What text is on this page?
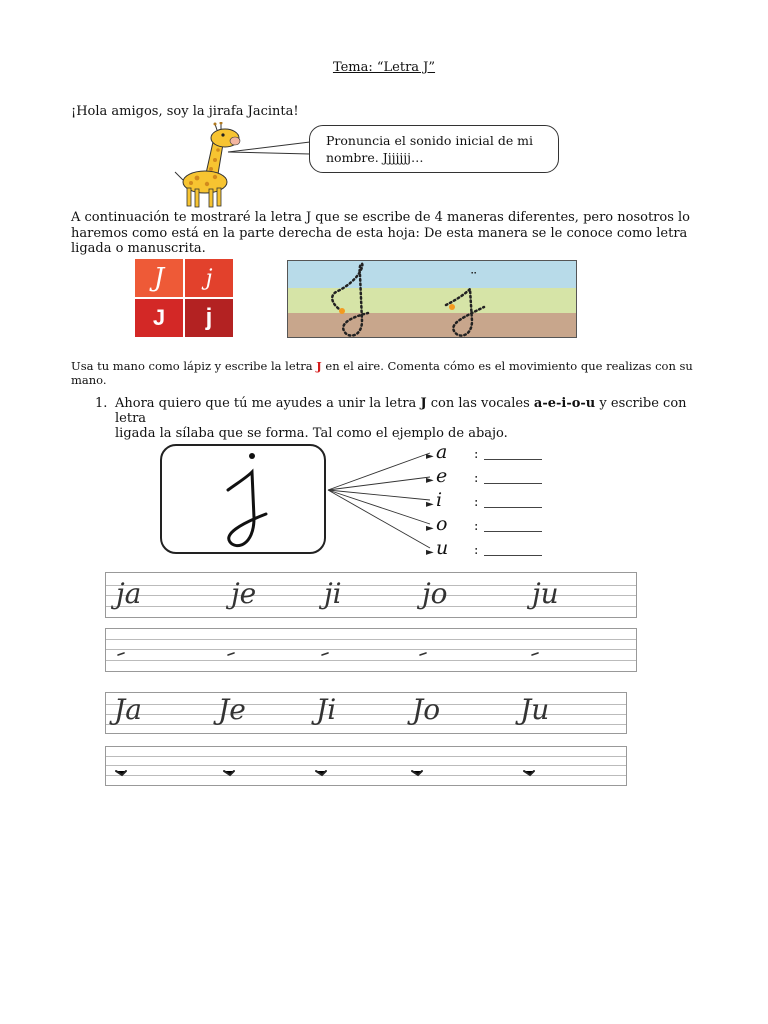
Tema: “Letra J”
¡Hola amigos, soy la jirafa Jacinta!
Pronuncia el sonido inicial de mi
nombre. Jjjjjjj…
A continuación te mostraré la letra J que se escribe de 4 maneras diferentes, pero nosotros lo
haremos como está en la parte derecha de esta hoja: De esta manera se le conoce como letra
ligada o manuscrita.
J	j
J	j
⠒
Usa tu mano como lápiz y escribe la letra J en el aire. Comenta cómo es el movimiento que realizas con su
mano.
1. Ahora quiero que tú me ayudes a unir la letra J con las vocales a-e-i-o-u y escribe con letra
ligada la sílaba que se forma. Tal como el ejemplo de abajo.
► a :
► e :
► i :
► o :
► u :
ja	je ji	jo	ju
Ja	Je	Ji	Jo	Ju
